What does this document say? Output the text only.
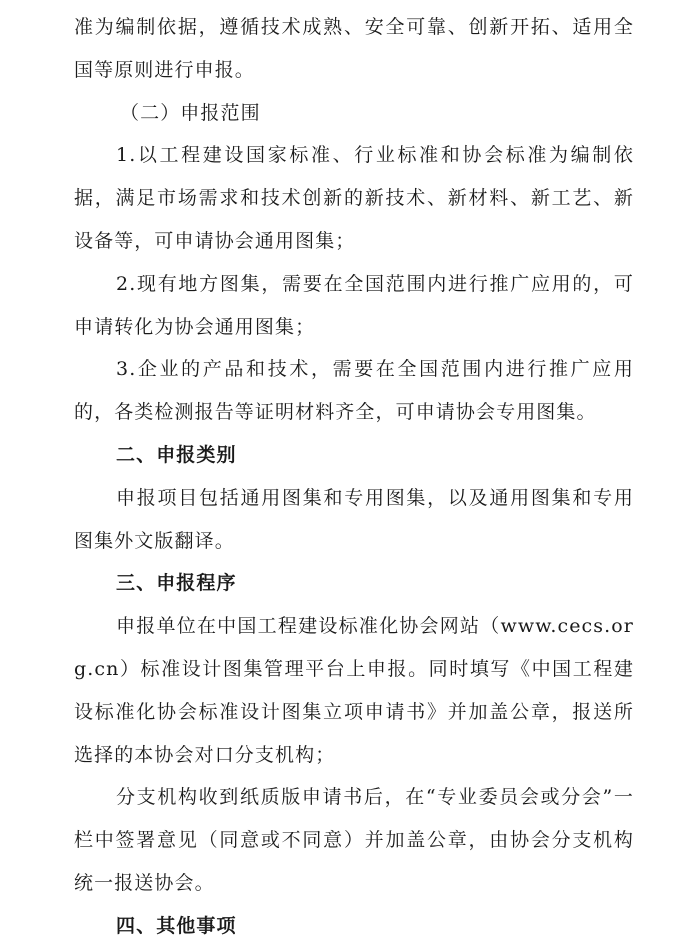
准为编制依据，遵循技术成熟、安全可靠、创新开拓、适用全国等原则进行申报。

（二）申报范围

1.以工程建设国家标准、行业标准和协会标准为编制依据，满足市场需求和技术创新的新技术、新材料、新工艺、新设备等，可申请协会通用图集；

2.现有地方图集，需要在全国范围内进行推广应用的，可申请转化为协会通用图集；

3.企业的产品和技术，需要在全国范围内进行推广应用的，各类检测报告等证明材料齐全，可申请协会专用图集。

二、申报类别

申报项目包括通用图集和专用图集，以及通用图集和专用图集外文版翻译。

三、申报程序

申报单位在中国工程建设标准化协会网站（www.cecs.org.cn）标准设计图集管理平台上申报。同时填写《中国工程建设标准化协会标准设计图集立项申请书》并加盖公章，报送所选择的本协会对口分支机构；

分支机构收到纸质版申请书后，在“专业委员会或分会”一栏中签署意见（同意或不同意）并加盖公章，由协会分支机构统一报送协会。

四、其他事项
